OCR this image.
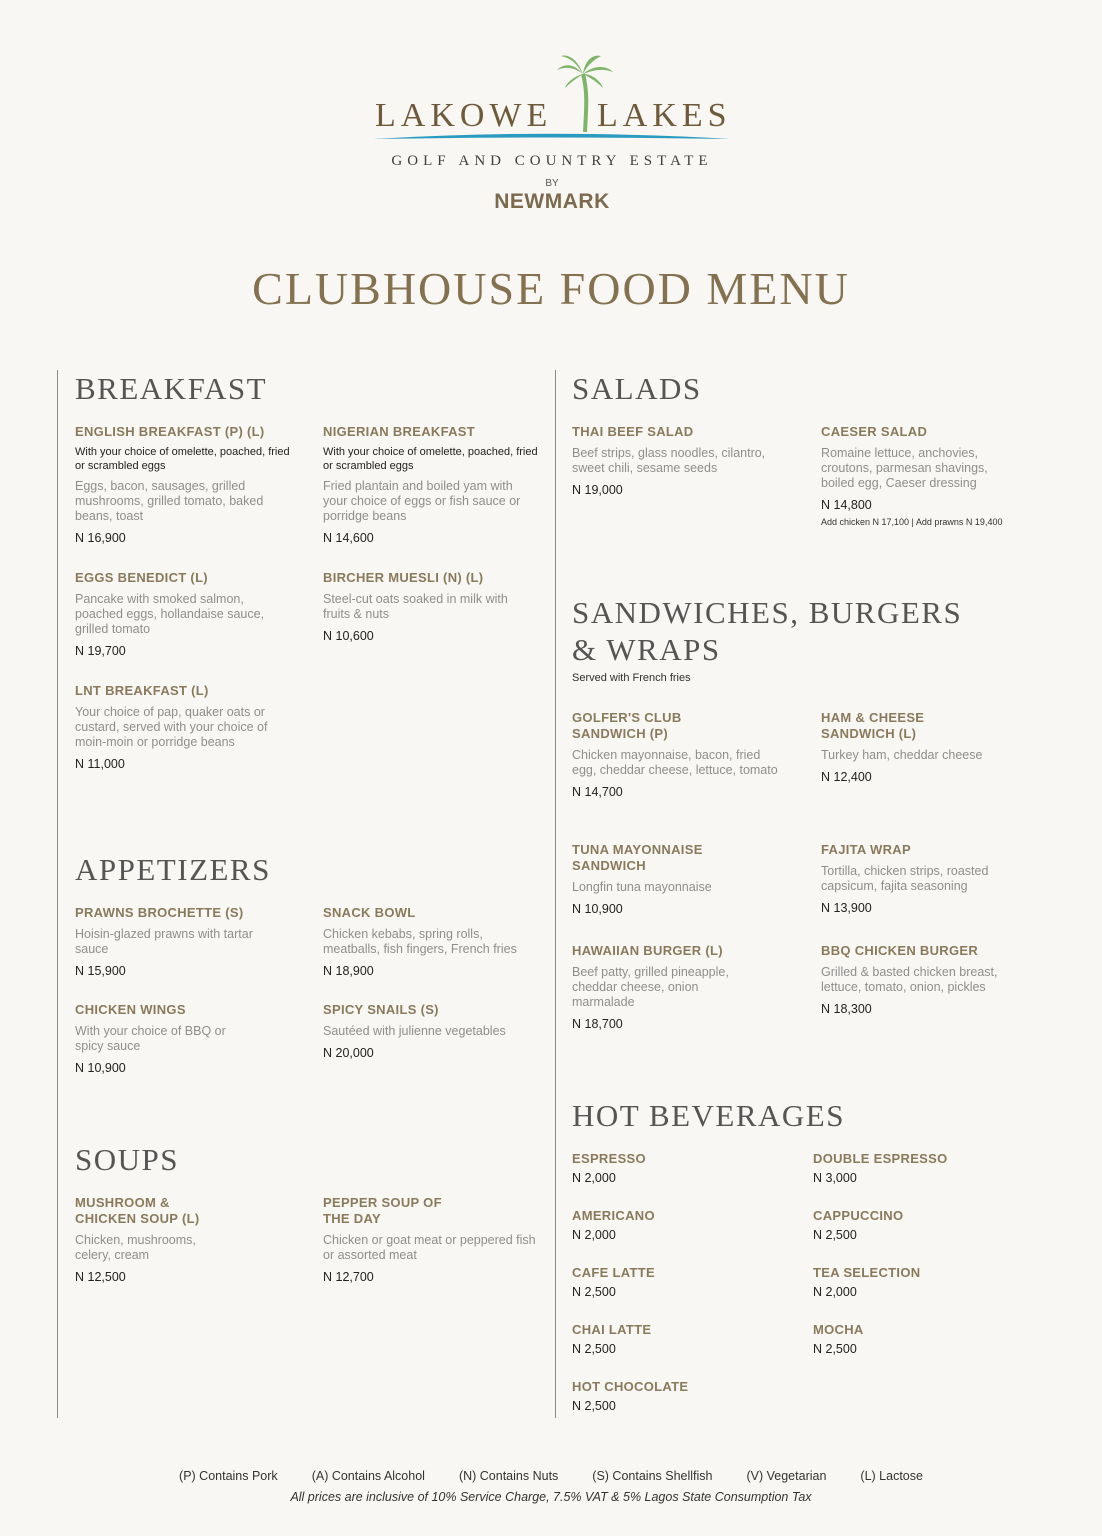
LAKOWE LAKES
GOLF AND COUNTRY ESTATE
BY
NEWMARK
CLUBHOUSE FOOD MENU
BREAKFAST
ENGLISH BREAKFAST (P) (L)
With your choice of omelette, poached, fried or scrambled eggs
Eggs, bacon, sausages, grilled mushrooms, grilled tomato, baked beans, toast
N 16,900
NIGERIAN BREAKFAST
With your choice of omelette, poached, fried or scrambled eggs
Fried plantain and boiled yam with your choice of eggs or fish sauce or porridge beans
N 14,600
EGGS BENEDICT (L)
Pancake with smoked salmon, poached eggs, hollandaise sauce, grilled tomato
N 19,700
BIRCHER MUESLI (N) (L)
Steel-cut oats soaked in milk with fruits & nuts
N 10,600
LNT BREAKFAST (L)
Your choice of pap, quaker oats or custard, served with your choice of moin-moin or porridge beans
N 11,000
APPETIZERS
PRAWNS BROCHETTE (S)
Hoisin-glazed prawns with tartar sauce
N 15,900
SNACK BOWL
Chicken kebabs, spring rolls, meatballs, fish fingers, French fries
N 18,900
CHICKEN WINGS
With your choice of BBQ or spicy sauce
N 10,900
SPICY SNAILS (S)
Sautéed with julienne vegetables
N 20,000
SOUPS
MUSHROOM & CHICKEN SOUP (L)
Chicken, mushrooms, celery, cream
N 12,500
PEPPER SOUP OF THE DAY
Chicken or goat meat or peppered fish or assorted meat
N 12,700
SALADS
THAI BEEF SALAD
Beef strips, glass noodles, cilantro, sweet chili, sesame seeds
N 19,000
CAESER SALAD
Romaine lettuce, anchovies, croutons, parmesan shavings, boiled egg, Caeser dressing
N 14,800
Add chicken N 17,100 | Add prawns N 19,400
SANDWICHES, BURGERS
& WRAPS
Served with French fries
GOLFER'S CLUB SANDWICH (P)
Chicken mayonnaise, bacon, fried egg, cheddar cheese, lettuce, tomato
N 14,700
HAM & CHEESE SANDWICH (L)
Turkey ham, cheddar cheese
N 12,400
TUNA MAYONNAISE SANDWICH
Longfin tuna mayonnaise
N 10,900
FAJITA WRAP
Tortilla, chicken strips, roasted capsicum, fajita seasoning
N 13,900
HAWAIIAN BURGER (L)
Beef patty, grilled pineapple, cheddar cheese, onion marmalade
N 18,700
BBQ CHICKEN BURGER
Grilled & basted chicken breast, lettuce, tomato, onion, pickles
N 18,300
HOT BEVERAGES
ESPRESSO
N 2,000
DOUBLE ESPRESSO
N 3,000
AMERICANO
N 2,000
CAPPUCCINO
N 2,500
CAFE LATTE
N 2,500
TEA SELECTION
N 2,000
CHAI LATTE
N 2,500
MOCHA
N 2,500
HOT CHOCOLATE
N 2,500
(P) Contains Pork	(A) Contains Alcohol	(N) Contains Nuts	(S) Contains Shellfish	(V) Vegetarian	(L) Lactose
All prices are inclusive of 10% Service Charge, 7.5% VAT & 5% Lagos State Consumption Tax
